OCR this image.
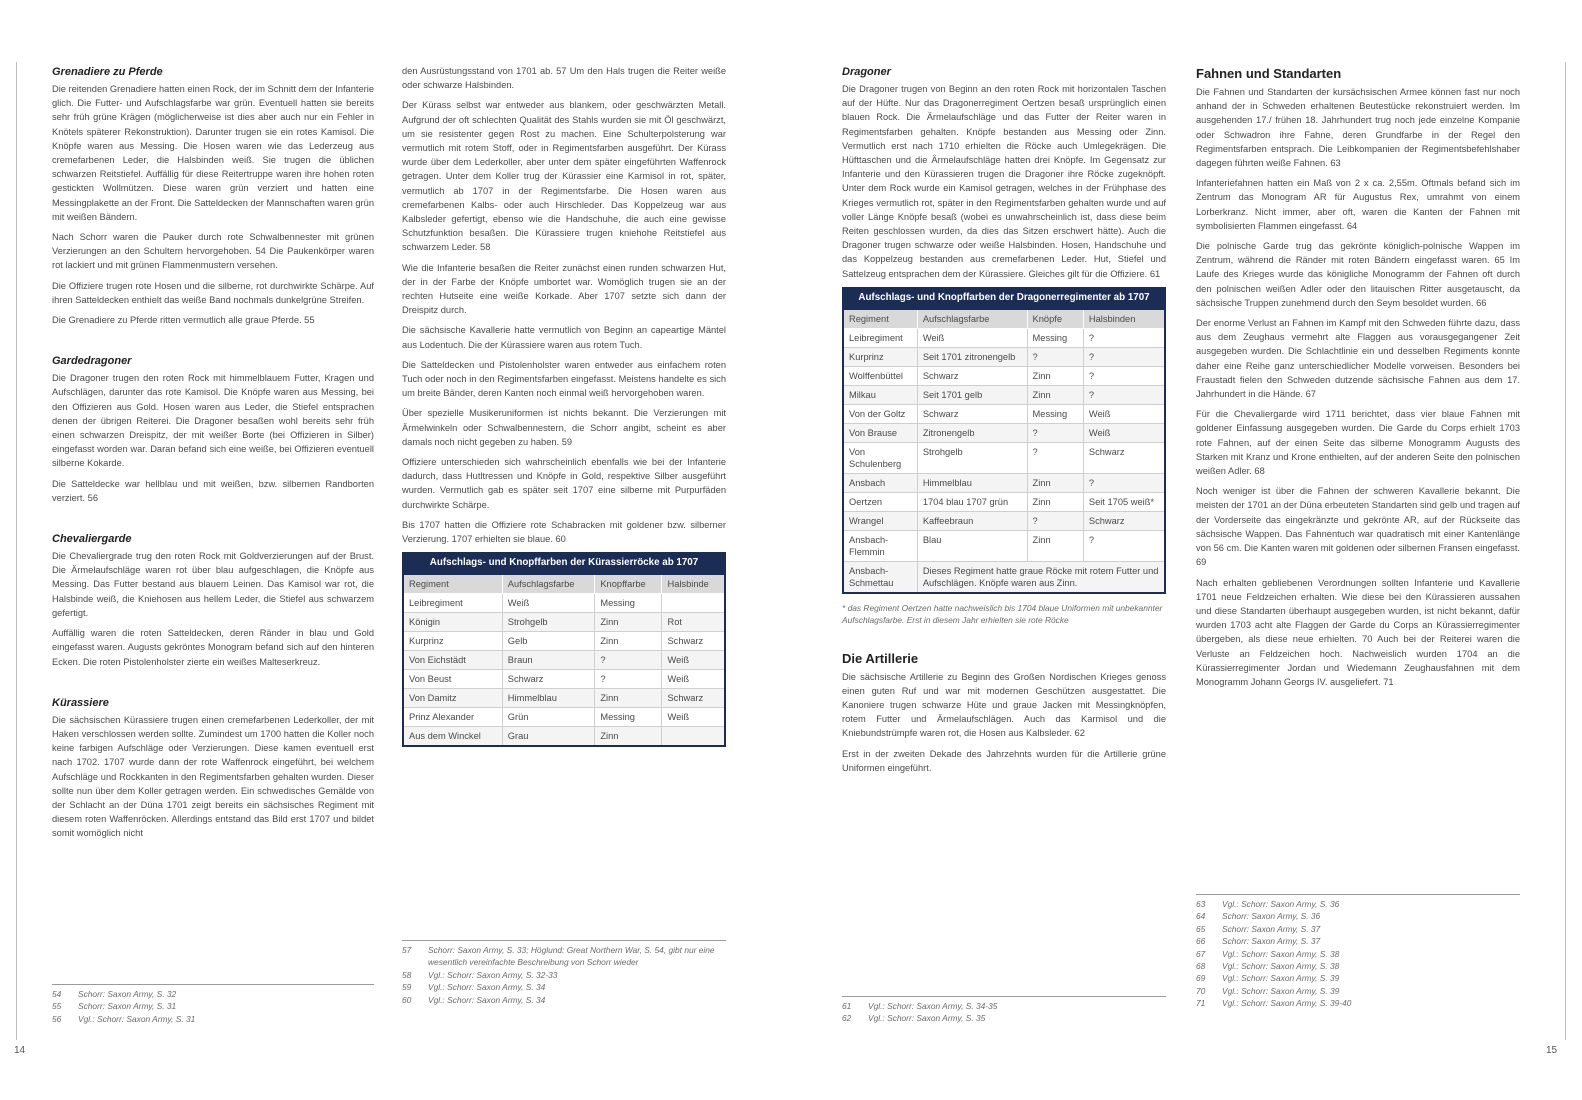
Grenadiere zu Pferde

Die reitenden Grenadiere hatten einen Rock, der im Schnitt dem der Infanterie glich. Die Futter- und Aufschlagsfarbe war grün. Eventuell hatten sie bereits sehr früh grüne Krägen (möglicherweise ist dies aber auch nur ein Fehler in Knötels späterer Rekonstruktion). Darunter trugen sie ein rotes Kamisol. Die Knöpfe waren aus Messing. Die Hosen waren wie das Lederzeug aus cremefarbenen Leder, die Halsbinden weiß. Sie trugen die üblichen schwarzen Reitstiefel. Auffällig für diese Reitertruppe waren ihre hohen roten gestickten Wollmützen. Diese waren grün verziert und hatten eine Messingplakette an der Front. Die Satteldecken der Mannschaften waren grün mit weißen Bändern.

Nach Schorr waren die Pauker durch rote Schwalbennester mit grünen Verzierungen an den Schultern hervorgehoben. 54 Die Paukenkörper waren rot lackiert und mit grünen Flammenmustern versehen.

Die Offiziere trugen rote Hosen und die silberne, rot durchwirkte Schärpe. Auf ihren Satteldecken enthielt das weiße Band nochmals dunkelgrüne Streifen.

Die Grenadiere zu Pferde ritten vermutlich alle graue Pferde. 55

Gardedragoner

Die Dragoner trugen den roten Rock mit himmelblauem Futter, Kragen und Aufschlägen, darunter das rote Kamisol. Die Knöpfe waren aus Messing, bei den Offizieren aus Gold. Hosen waren aus Leder, die Stiefel entsprachen denen der übrigen Reiterei. Die Dragoner besaßen wohl bereits sehr früh einen schwarzen Dreispitz, der mit weißer Borte (bei Offizieren in Silber) eingefasst worden war. Daran befand sich eine weiße, bei Offizieren eventuell silberne Kokarde.

Die Satteldecke war hellblau und mit weißen, bzw. silbernen Randborten verziert. 56

Chevaliergarde

Die Chevaliergrade trug den roten Rock mit Goldverzierungen auf der Brust. Die Ärmelaufschläge waren rot über blau aufgeschlagen, die Knöpfe aus Messing. Das Futter bestand aus blauem Leinen. Das Kamisol war rot, die Halsbinde weiß, die Kniehosen aus hellem Leder, die Stiefel aus schwarzem gefertigt.

Auffällig waren die roten Satteldecken, deren Ränder in blau und Gold eingefasst waren. Augusts gekröntes Monogram befand sich auf den hinteren Ecken. Die roten Pistolenholster zierte ein weißes Malteserkreuz.

Kürassiere

Die sächsischen Kürassiere trugen einen cremefarbenen Lederkoller, der mit Haken verschlossen werden sollte. Zumindest um 1700 hatten die Koller noch keine farbigen Aufschläge oder Verzierungen. Diese kamen eventuell erst nach 1702. 1707 wurde dann der rote Waffenrock eingeführt, bei welchem Aufschläge und Rockkanten in den Regimentsfarben gehalten wurden. Dieser sollte nun über dem Koller getragen werden. Ein schwedisches Gemälde von der Schlacht an der Düna 1701 zeigt bereits ein sächsisches Regiment mit diesem roten Waffenröcken. Allerdings entstand das Bild erst 1707 und bildet somit womöglich nicht

den Ausrüstungsstand von 1701 ab. 57 Um den Hals trugen die Reiter weiße oder schwarze Halsbinden.

Der Kürass selbst war entweder aus blankem, oder geschwärzten Metall. Aufgrund der oft schlechten Qualität des Stahls wurden sie mit Öl geschwärzt, um sie resistenter gegen Rost zu machen. Eine Schulterpolsterung war vermutlich mit rotem Stoff, oder in Regimentsfarben ausgeführt. Der Kürass wurde über dem Lederkoller, aber unter dem später eingeführten Waffenrock getragen. Unter dem Koller trug der Kürassier eine Karmisol in rot, später, vermutlich ab 1707 in der Regimentsfarbe. Die Hosen waren aus cremefarbenen Kalbs- oder auch Hirschleder. Das Koppelzeug war aus Kalbsleder gefertigt, ebenso wie die Handschuhe, die auch eine gewisse Schutzfunktion besaßen. Die Kürassiere trugen kniehohe Reitstiefel aus schwarzem Leder. 58

Wie die Infanterie besaßen die Reiter zunächst einen runden schwarzen Hut, der in der Farbe der Knöpfe umbortet war. Womöglich trugen sie an der rechten Hutseite eine weiße Korkade. Aber 1707 setzte sich dann der Dreispitz durch.

Die sächsische Kavallerie hatte vermutlich von Beginn an capeartige Mäntel aus Lodentuch. Die der Kürassiere waren aus rotem Tuch.

Die Satteldecken und Pistolenholster waren entweder aus einfachem roten Tuch oder noch in den Regimentsfarben eingefasst. Meistens handelte es sich um breite Bänder, deren Kanten noch einmal weiß hervorgehoben waren.

Über spezielle Musikeruniformen ist nichts bekannt. Die Verzierungen mit Ärmelwinkeln oder Schwalbennestern, die Schorr angibt, scheint es aber damals noch nicht gegeben zu haben. 59

Offiziere unterschieden sich wahrscheinlich ebenfalls wie bei der Infanterie dadurch, dass Hutltressen und Knöpfe in Gold, respektive Silber ausgeführt wurden. Vermutlich gab es später seit 1707 eine silberne mit Purpurfäden durchwirkte Schärpe.

Bis 1707 hatten die Offiziere rote Schabracken mit goldener bzw. silberner Verzierung. 1707 erhielten sie blaue. 60

Aufschlags- und Knopffarben der Kürassierröcke ab 1707
Regiment	Aufschlagsfarbe	Knopffarbe	Halsbinde
Leibregiment	Weiß	Messing	
Königin	Strohgelb	Zinn	Rot
Kurprinz	Gelb	Zinn	Schwarz
Von Eichstädt	Braun	?	Weiß
Von Beust	Schwarz	?	Weiß
Von Damitz	Himmelblau	Zinn	Schwarz
Prinz Alexander	Grün	Messing	Weiß
Aus dem Winckel	Grau	Zinn	
Dragoner

Die Dragoner trugen von Beginn an den roten Rock mit horizontalen Taschen auf der Hüfte. Nur das Dragonerregiment Oertzen besaß ursprünglich einen blauen Rock. Die Ärmelaufschläge und das Futter der Reiter waren in Regimentsfarben gehalten. Knöpfe bestanden aus Messing oder Zinn. Vermutlich erst nach 1710 erhielten die Röcke auch Umlegekrägen. Die Hüfttaschen und die Ärmelaufschläge hatten drei Knöpfe. Im Gegensatz zur Infanterie und den Kürassieren trugen die Dragoner ihre Röcke zugeknöpft. Unter dem Rock wurde ein Kamisol getragen, welches in der Frühphase des Krieges vermutlich rot, später in den Regimentsfarben gehalten wurde und auf voller Länge Knöpfe besaß (wobei es unwahrscheinlich ist, dass diese beim Reiten geschlossen wurden, da dies das Sitzen erschwert hätte). Auch die Dragoner trugen schwarze oder weiße Halsbinden. Hosen, Handschuhe und das Koppelzeug bestanden aus cremefarbenen Leder. Hut, Stiefel und Sattelzeug entsprachen dem der Kürassiere. Gleiches gilt für die Offiziere. 61

Aufschlags- und Knopffarben der Dragonerregimenter ab 1707
Regiment	Aufschlagsfarbe	Knöpfe	Halsbinden
Leibregiment	Weiß	Messing	?
Kurprinz	Seit 1701 zitronengelb	?	?
Wolffenbüttel	Schwarz	Zinn	?
Milkau	Seit 1701 gelb	Zinn	?
Von der Goltz	Schwarz	Messing	Weiß
Von Brause	Zitronengelb	?	Weiß
Von Schulenberg	Strohgelb	?	Schwarz
Ansbach	Himmelblau	Zinn	?
Oertzen	1704 blau 1707 grün	Zinn	Seit 1705 weiß*
Wrangel	Kaffeebraun	?	Schwarz
Ansbach-Flemmin	Blau	Zinn	?
Ansbach-Schmettau	Dieses Regiment hatte graue Röcke mit rotem Futter und Aufschlägen. Knöpfe waren aus Zinn.		
* das Regiment Oertzen hatte nachweislich bis 1704 blaue Uniformen mit unbekannter Aufschlagsfarbe. Erst in diesem Jahr erhielten sie rote Röcke
Die Artillerie

Die sächsische Artillerie zu Beginn des Großen Nordischen Krieges genoss einen guten Ruf und war mit modernen Geschützen ausgestattet. Die Kanoniere trugen schwarze Hüte und graue Jacken mit Messingknöpfen, rotem Futter und Ärmelaufschlägen. Auch das Karmisol und die Kniebundstrümpfe waren rot, die Hosen aus Kalbsleder. 62

Erst in der zweiten Dekade des Jahrzehnts wurden für die Artillerie grüne Uniformen eingeführt.

Fahnen und Standarten

Die Fahnen und Standarten der kursächsischen Armee können fast nur noch anhand der in Schweden erhaltenen Beutestücke rekonstruiert werden. Im ausgehenden 17./ frühen 18. Jahrhundert trug noch jede einzelne Kompanie oder Schwadron ihre Fahne, deren Grundfarbe in der Regel den Regimentsfarben entsprach. Die Leibkompanien der Regimentsbefehlshaber dagegen führten weiße Fahnen. 63

Infanteriefahnen hatten ein Maß von 2 x ca. 2,55m. Oftmals befand sich im Zentrum das Monogram AR für Augustus Rex, umrahmt von einem Lorberkranz. Nicht immer, aber oft, waren die Kanten der Fahnen mit symbolisierten Flammen eingefasst. 64

Die polnische Garde trug das gekrönte königlich-polnische Wappen im Zentrum, während die Ränder mit roten Bändern eingefasst waren. 65 Im Laufe des Krieges wurde das königliche Monogramm der Fahnen oft durch den polnischen weißen Adler oder den litauischen Ritter ausgetauscht, da sächsische Truppen zunehmend durch den Seym besoldet wurden. 66

Der enorme Verlust an Fahnen im Kampf mit den Schweden führte dazu, dass aus dem Zeughaus vermehrt alte Flaggen aus vorausgegangener Zeit ausgegeben wurden. Die Schlachtlinie ein und desselben Regiments konnte daher eine Reihe ganz unterschiedlicher Modelle vorweisen. Besonders bei Fraustadt fielen den Schweden dutzende sächsische Fahnen aus dem 17. Jahrhundert in die Hände. 67

Für die Chevaliergarde wird 1711 berichtet, dass vier blaue Fahnen mit goldener Einfassung ausgegeben wurden. Die Garde du Corps erhielt 1703 rote Fahnen, auf der einen Seite das silberne Monogramm Augusts des Starken mit Kranz und Krone enthielten, auf der anderen Seite den polnischen weißen Adler. 68

Noch weniger ist über die Fahnen der schweren Kavallerie bekannt. Die meisten der 1701 an der Düna erbeuteten Standarten sind gelb und tragen auf der Vorderseite das eingekränzte und gekrönte AR, auf der Rückseite das sächsische Wappen. Das Fahnentuch war quadratisch mit einer Kantenlänge von 56 cm. Die Kanten waren mit goldenen oder silbernen Fransen eingefasst. 69

Nach erhalten gebliebenen Verordnungen sollten Infanterie und Kavallerie 1701 neue Feldzeichen erhalten. Wie diese bei den Kürassieren aussahen und diese Standarten überhaupt ausgegeben wurden, ist nicht bekannt, dafür wurden 1703 acht alte Flaggen der Garde du Corps an Kürassierregimenter übergeben, als diese neue erhielten. 70 Auch bei der Reiterei waren die Verluste an Feldzeichen hoch. Nachweislich wurden 1704 an die Kürassierregimenter Jordan und Wiedemann Zeughausfahnen mit dem Monogramm Johann Georgs IV. ausgeliefert. 71

54	Schorr: Saxon Army, S. 32
55	Schorr: Saxon Army, S. 31
56	Vgl.: Schorr: Saxon Army, S. 31
57	Schorr: Saxon Army, S. 33; Höglund: Great Northern War, S. 54, gibt nur eine wesentlich vereinfachte Beschreibung von Schorr wieder
58	Vgl.: Schorr: Saxon Army, S. 32-33
59	Vgl.: Schorr: Saxon Army, S. 34
60	Vgl.: Schorr: Saxon Army, S. 34
61	Vgl.: Schorr: Saxon Army, S. 34-35
62	Vgl.: Schorr: Saxon Army, S. 35
63	Vgl.: Schorr: Saxon Army, S. 36
64	Schorr: Saxon Army, S. 36
65	Schorr: Saxon Army, S. 37
66	Schorr: Saxon Army, S. 37
67	Vgl.: Schorr: Saxon Army, S. 38
68	Vgl.: Schorr: Saxon Army, S. 38
69	Vgl.: Schorr: Saxon Army, S. 39
70	Vgl.: Schorr: Saxon Army, S. 39
71	Vgl.: Schorr: Saxon Army, S. 39-40
14	15
